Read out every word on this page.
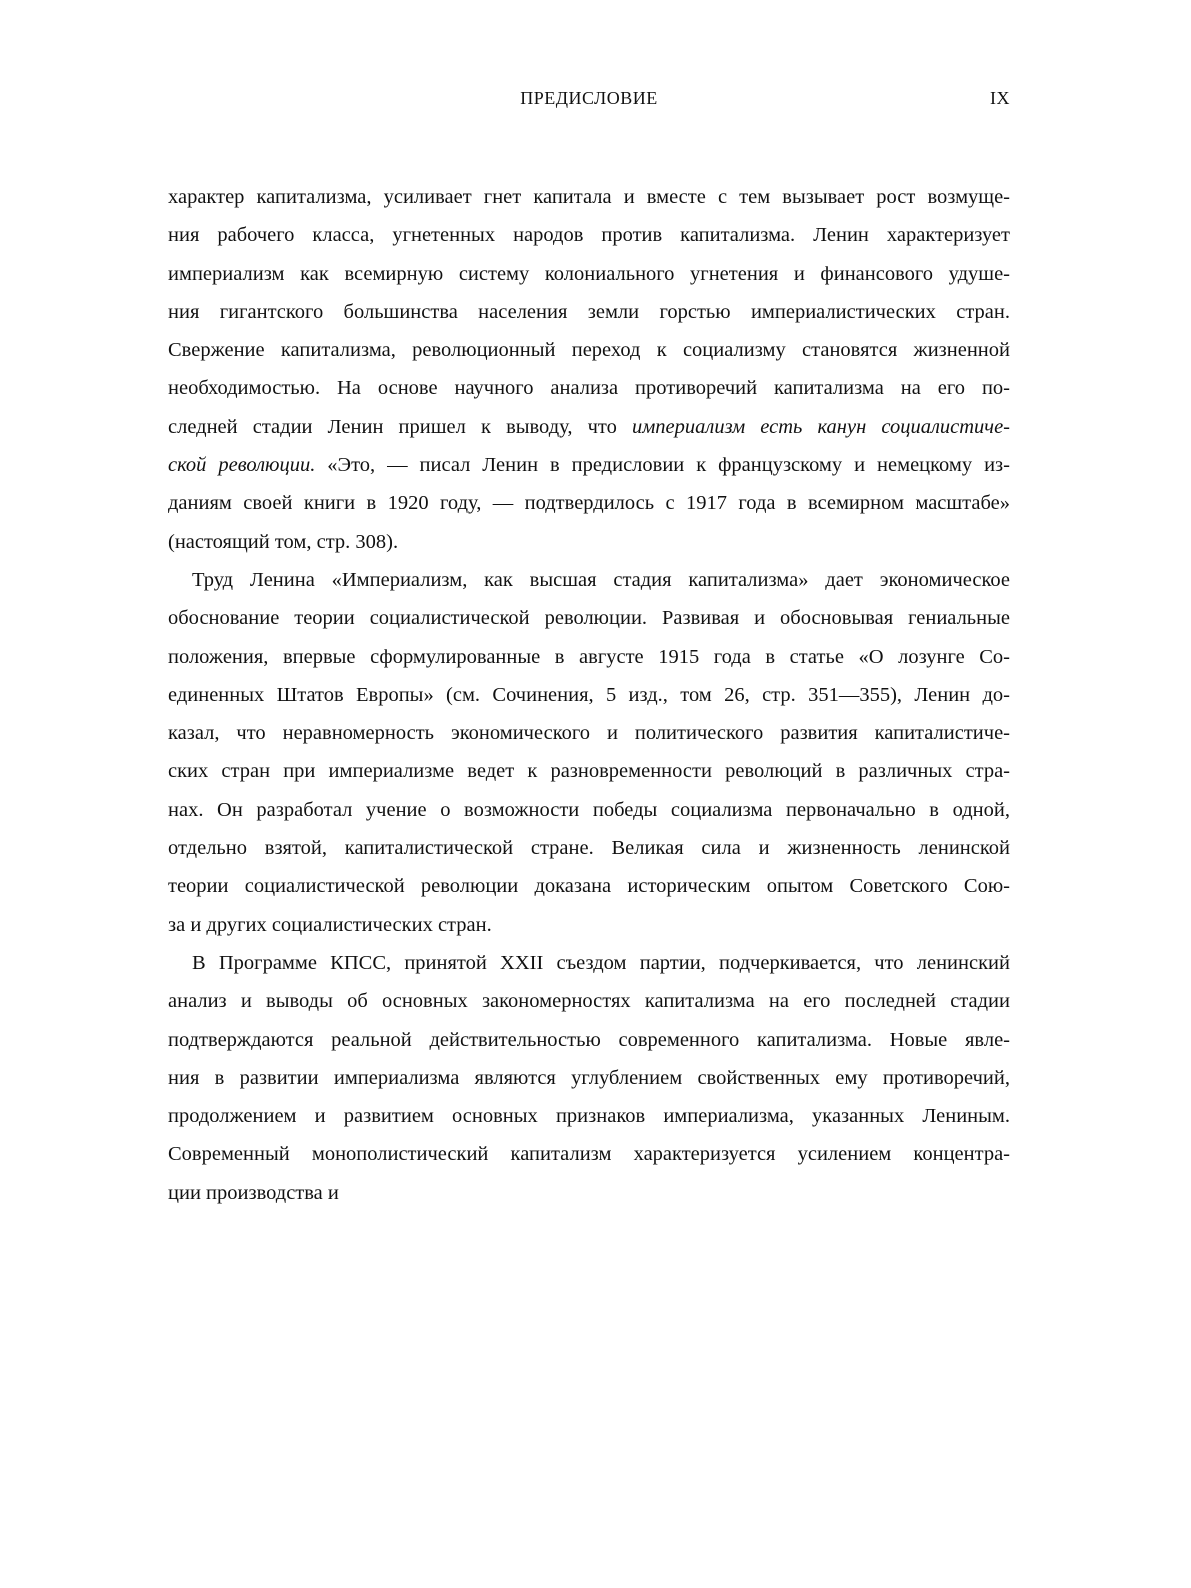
ПРЕДИСЛОВИЕ	IX
характер капитализма, усиливает гнет капитала и вместе с тем вызывает рост возмуще-
ния рабочего класса, угнетенных народов против капитализма. Ленин характеризует
империализм как всемирную систему колониального угнетения и финансового удуше-
ния гигантского большинства населения земли горстью империалистических стран.
Свержение капитализма, революционный переход к социализму становятся жизненной
необходимостью. На основе научного анализа противоречий капитализма на его по-
следней стадии Ленин пришел к выводу, что империализм есть канун социалистиче-
ской революции. «Это, — писал Ленин в предисловии к французскому и немецкому из-
даниям своей книги в 1920 году, — подтвердилось с 1917 года в всемирном масштабе»
(настоящий том, стр. 308).
Труд Ленина «Империализм, как высшая стадия капитализма» дает экономическое
обоснование теории социалистической революции. Развивая и обосновывая гениальные
положения, впервые сформулированные в августе 1915 года в статье «О лозунге Со-
единенных Штатов Европы» (см. Сочинения, 5 изд., том 26, стр. 351—355), Ленин до-
казал, что неравномерность экономического и политического развития капиталистиче-
ских стран при империализме ведет к разновременности революций в различных стра-
нах. Он разработал учение о возможности победы социализма первоначально в одной,
отдельно взятой, капиталистической стране. Великая сила и жизненность ленинской
теории социалистической революции доказана историческим опытом Советского Сою-
за и других социалистических стран.
В Программе КПСС, принятой XXII съездом партии, подчеркивается, что ленинский
анализ и выводы об основных закономерностях капитализма на его последней стадии
подтверждаются реальной действительностью современного капитализма. Новые явле-
ния в развитии империализма являются углублением свойственных ему противоречий,
продолжением и развитием основных признаков империализма, указанных Лениным.
Современный монополистический капитализм характеризуется усилением концентра-
ции производства и
